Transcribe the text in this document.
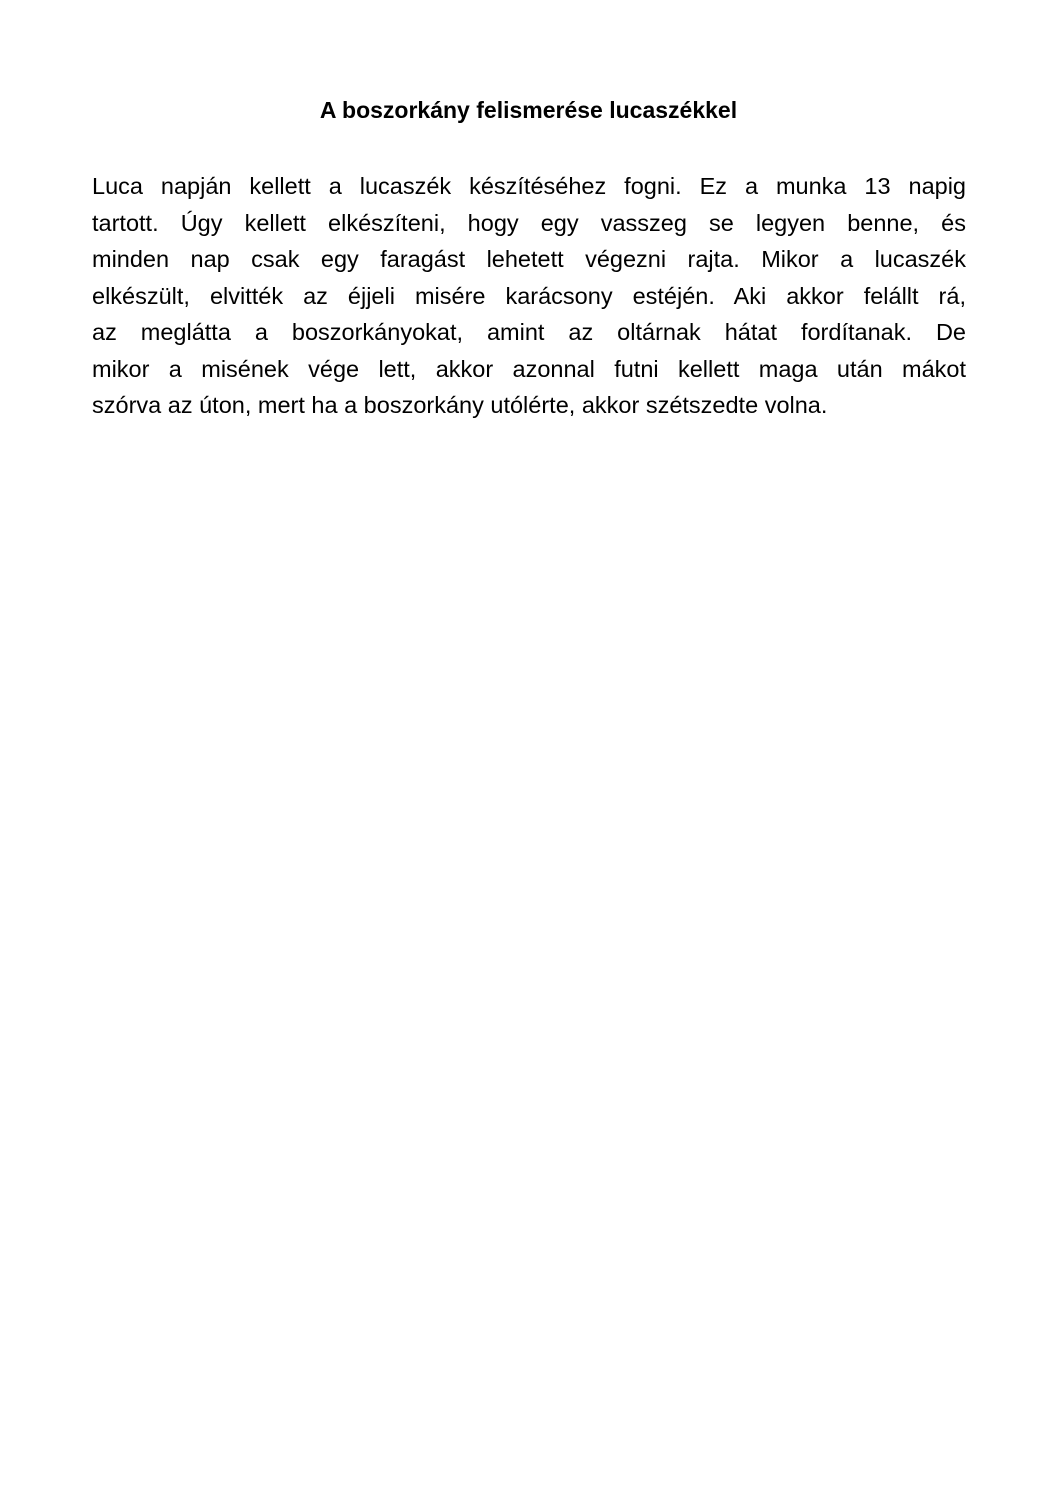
A boszorkány felismerése lucaszékkel
Luca napján kellett a lucaszék készítéséhez fogni. Ez a munka 13 napig
tartott. Úgy kellett elkészíteni, hogy egy vasszeg se legyen benne, és
minden nap csak egy faragást lehetett végezni rajta. Mikor a lucaszék
elkészült, elvitték az éjjeli misére karácsony estéjén. Aki akkor felállt rá,
az meglátta a boszorkányokat, amint az oltárnak hátat fordítanak. De
mikor a misének vége lett, akkor azonnal futni kellett maga után mákot
szórva az úton, mert ha a boszorkány utólérte, akkor szétszedte volna.
